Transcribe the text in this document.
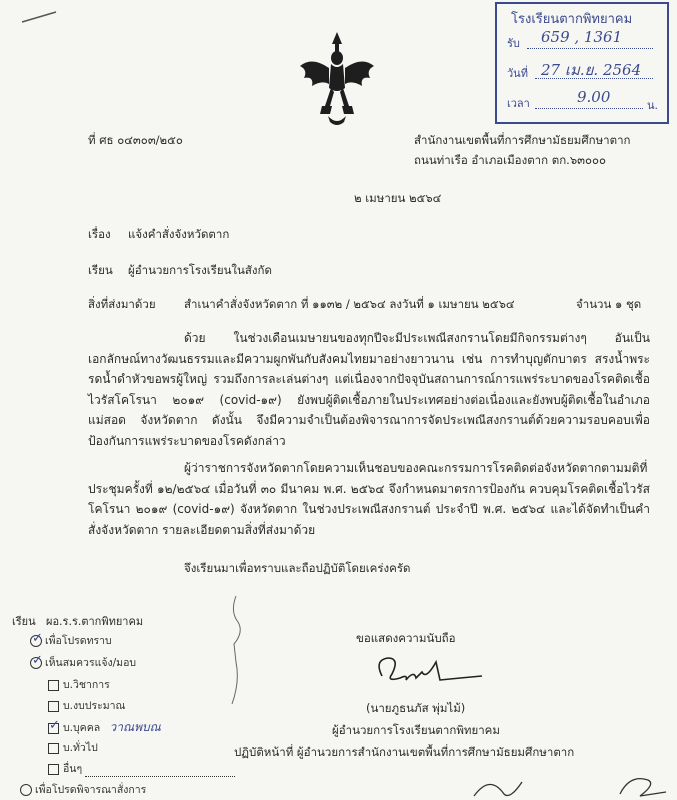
โรงเรียนตากพิทยาคม
รับ 659 , 1361
วันที่ 27 เม.ย. 2564
เวลา	9.00	น.
ที่ ศธ ๐๔๓๐๓/๒๕๐	สำนักงานเขตพื้นที่การศึกษามัธยมศึกษาตาก
ถนนท่าเรือ อำเภอเมืองตาก ตก.๖๓๐๐๐
๒ เมษายน ๒๕๖๔
เรื่อง แจ้งคำสั่งจังหวัดตาก
เรียน ผู้อำนวยการโรงเรียนในสังกัด
สิ่งที่ส่งมาด้วย สำเนาคำสั่งจังหวัดตาก ที่ ๑๑๓๒ / ๒๕๖๔ ลงวันที่ ๑ เมษายน ๒๕๖๔	จำนวน ๑ ชุด
ด้วย ในช่วงเดือนเมษายนของทุกปีจะมีประเพณีสงกรานโดยมีกิจกรรมต่างๆ อันเป็นเอกลักษณ์ทางวัฒนธรรมและมีความผูกพันกับสังคมไทยมาอย่างยาวนาน เช่น การทำบุญตักบาตร สรงน้ำพระ รดน้ำดำหัวขอพรผู้ใหญ่ รวมถึงการละเล่นต่างๆ แต่เนื่องจากปัจจุบันสถานการณ์การแพร่ระบาดของโรคติดเชื้อไวรัสโคโรนา ๒๐๑๙ (covid-๑๙) ยังพบผู้ติดเชื้อภายในประเทศอย่างต่อเนื่องและยังพบผู้ติดเชื้อในอำเภอแม่สอด จังหวัดตาก ดังนั้น จึงมีความจำเป็นต้องพิจารณาการจัดประเพณีสงกรานต์ด้วยความรอบคอบเพื่อป้องกันการแพร่ระบาดของโรคดังกล่าว
ผู้ว่าราชการจังหวัดตากโดยความเห็นชอบของคณะกรรมการโรคติดต่อจังหวัดตากตามมติที่ประชุมครั้งที่ ๑๒/๒๕๖๔ เมื่อวันที่ ๓๐ มีนาคม พ.ศ. ๒๕๖๔ จึงกำหนดมาตรการป้องกัน ควบคุมโรคติดเชื้อไวรัสโคโรนา ๒๐๑๙ (covid-๑๙) จังหวัดตาก ในช่วงประเพณีสงกรานต์ ประจำปี พ.ศ. ๒๕๖๔ และได้จัดทำเป็นคำสั่งจังหวัดตาก รายละเอียดตามสิ่งที่ส่งมาด้วย
จึงเรียนมาเพื่อทราบและถือปฏิบัติโดยเคร่งครัด
ขอแสดงความนับถือ
(นายภูธนภัส พุ่มไม้)
ผู้อำนวยการโรงเรียนตากพิทยาคม
ปฏิบัติหน้าที่ ผู้อำนวยการสำนักงานเขตพื้นที่การศึกษามัธยมศึกษาตาก
เรียน ผอ.ร.ร.ตากพิทยาคม
✓ เพื่อโปรดทราบ
✓ เห็นสมควรแจ้ง/มอบ
บ.วิชาการ
บ.งบประมาณ
✓ บ.บุคคล วาณพบณ
บ.ทั่วไป
อื่นๆ
เพื่อโปรดพิจารณาสั่งการ
